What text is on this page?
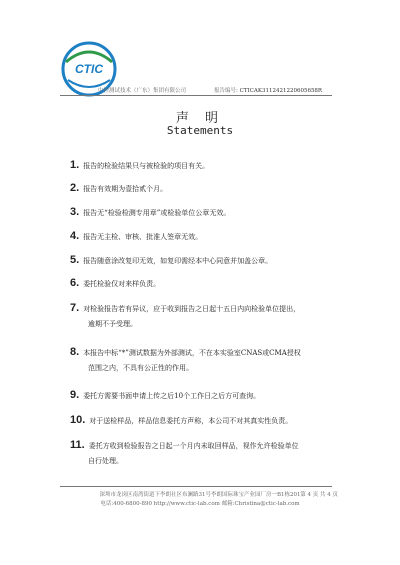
CTIC
中控测试技术（广东）集团有限公司	报告编号: CTICAK3112421220605658R
声 明
Statements
1. 报告的检验结果只与被检验的项目有关。
2. 报告有效期为壹拾贰个月。
3. 报告无“检验检测专用章”或检验单位公章无效。
4. 报告无主检、审核、批准人签章无效。
5. 报告随意涂改复印无效，如复印需经本中心同意并加盖公章。
6. 委托检验仅对来样负责。
7. 对检验报告若有异议，应于收到报告之日起十五日内向检验单位提出，
逾期不予受理。
8. 本报告中标“*”测试数据为外部测试，不在本实验室CNAS或CMA授权
范围之内，不具有公正性的作用。
9. 委托方需要书面申请上传之后10个工作日之后方可查询。
10. 对于送检样品，样品信息委托方声称，本公司不对其真实性负责。
11. 委托方收到检验报告之日起一个月内未取回样品，视作允许检验单位
自行处理。
深圳市龙岗区南湾街道下李朗社区布澜路31号李朗国际珠宝产业园厂房一B1栋201 第 4 页 共 4 页
电话:400-6800-890 http://www.ctic-lab.com 邮箱:Christina@ctic-lab.com
